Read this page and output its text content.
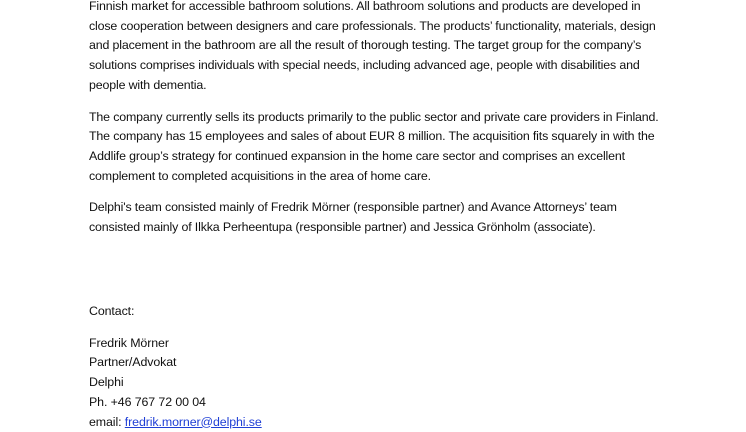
Finnish market for accessible bathroom solutions. All bathroom solutions and products are developed in close cooperation between designers and care professionals. The products’ functionality, materials, design and placement in the bathroom are all the result of thorough testing. The target group for the company’s solutions comprises individuals with special needs, including advanced age, people with disabilities and people with dementia.

The company currently sells its products primarily to the public sector and private care providers in Finland. The company has 15 employees and sales of about EUR 8 million. The acquisition fits squarely in with the Addlife group’s strategy for continued expansion in the home care sector and comprises an excellent complement to completed acquisitions in the area of home care.

Delphi's team consisted mainly of Fredrik Mörner (responsible partner) and Avance Attorneys’ team consisted mainly of Ilkka Perheentupa (responsible partner) and Jessica Grönholm (associate).

Contact:

Fredrik Mörner

Partner/Advokat

Delphi

Ph. +46 767 72 00 04

email: fredrik.morner@delphi.se
